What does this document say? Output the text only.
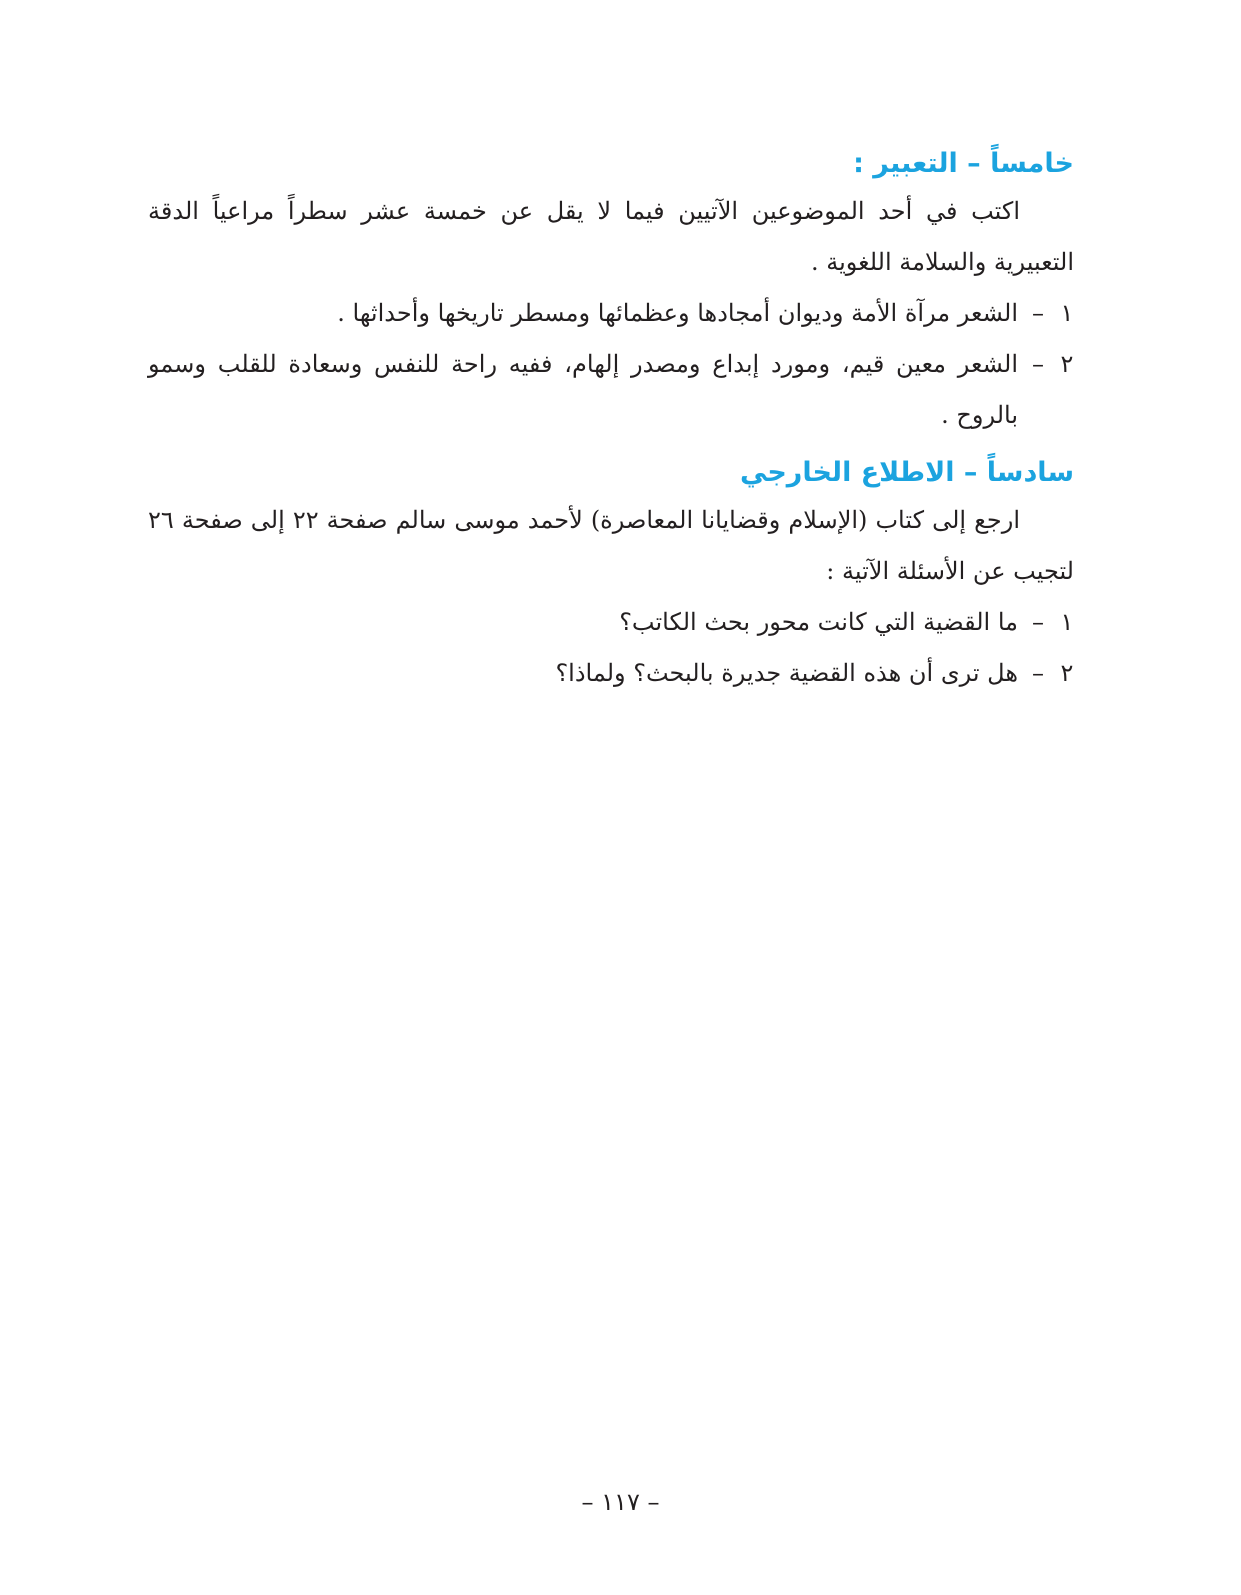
خامساً – التعبير :

اكتب في أحد الموضوعين الآتيين فيما لا يقل عن خمسة عشر سطراً مراعياً الدقة التعبيرية والسلامة اللغوية .

١
–
الشعر مرآة الأمة وديوان أمجادها وعظمائها ومسطر تاريخها وأحداثها .
٢
–
الشعر معين قيم، ومورد إبداع ومصدر إلهام، ففيه راحة للنفس وسعادة للقلب وسمو بالروح .
سادساً – الاطلاع الخارجي

ارجع إلى كتاب (الإسلام وقضايانا المعاصرة) لأحمد موسى سالم صفحة ٢٢ إلى صفحة ٢٦ لتجيب عن الأسئلة الآتية :

١
–
ما القضية التي كانت محور بحث الكاتب؟
٢
–
هل ترى أن هذه القضية جديرة بالبحث؟ ولماذا؟
– ١١٧ –
